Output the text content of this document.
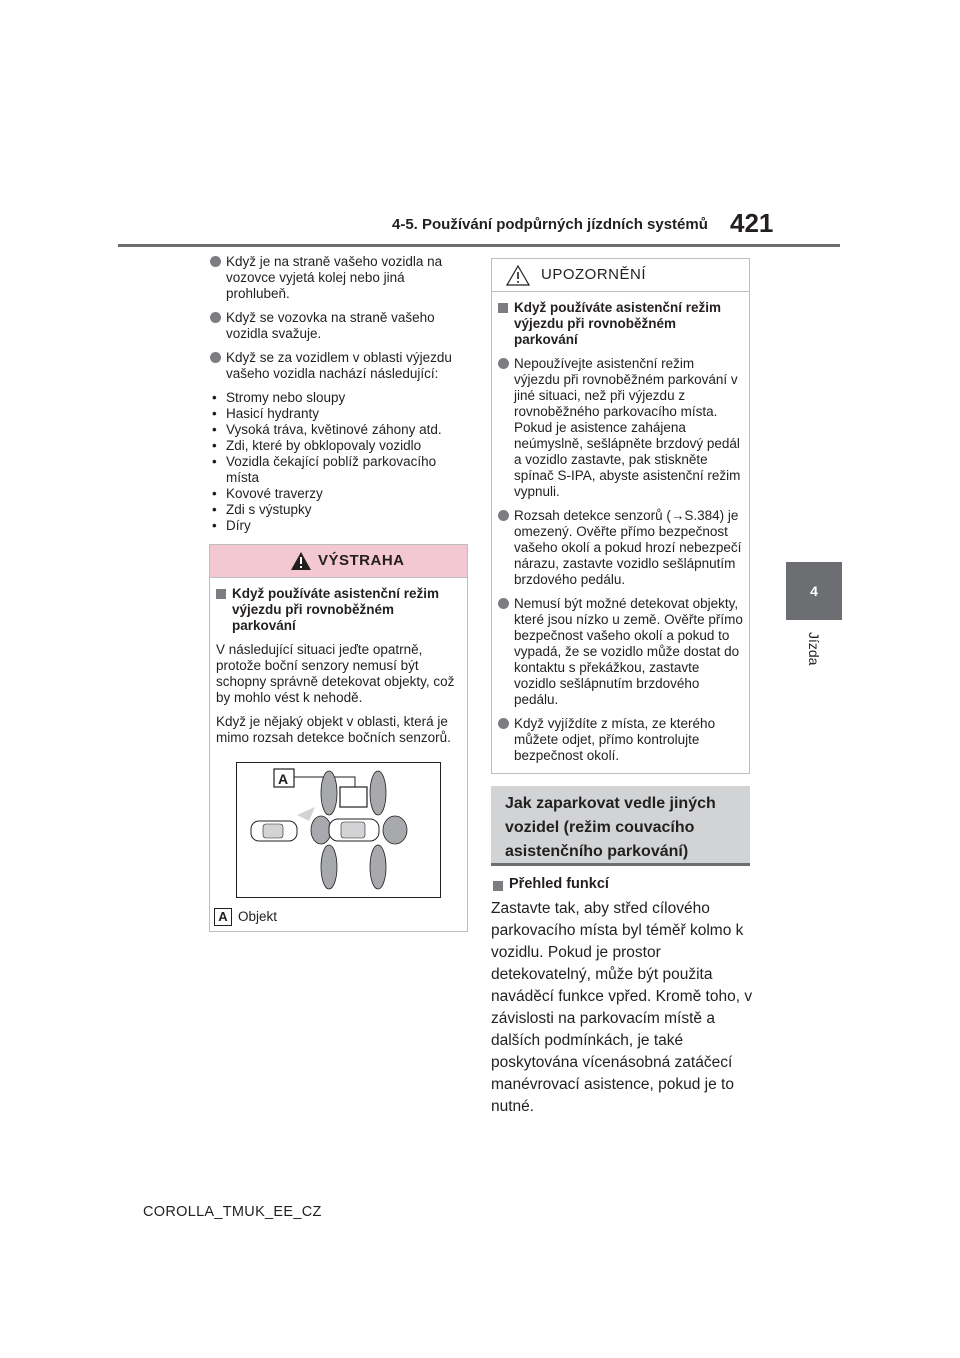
4-5. Používání podpůrných jízdních systémů 421
4
Jízda
Když je na straně vašeho vozidla na vozovce vyjetá kolej nebo jiná prohlubeň.
Když se vozovka na straně vašeho vozidla svažuje.
Když se za vozidlem v oblasti výjezdu vašeho vozidla nachází následující:
• Stromy nebo sloupy
• Hasicí hydranty
• Vysoká tráva, květinové záhony atd.
• Zdi, které by obklopovaly vozidlo
• Vozidla čekající poblíž parkovacího místa
• Kovové traverzy
• Zdi s výstupky
• Díry
VÝSTRAHA
Když používáte asistenční režim výjezdu při rovnoběžném parkování

V následující situaci jeďte opatrně, protože boční senzory nemusí být schopny správně detekovat objekty, což by mohlo vést k nehodě.

Když je nějaký objekt v oblasti, která je mimo rozsah detekce bočních senzorů.

A
A Objekt
UPOZORNĚNÍ
Když používáte asistenční režim výjezdu při rovnoběžném parkování
Nepoužívejte asistenční režim výjezdu při rovnoběžném parkování v jiné situaci, než při výjezdu z rovnoběžného parkovacího místa. Pokud je asistence zahájena neúmyslně, sešlápněte brzdový pedál a vozidlo zastavte, pak stiskněte spínač S-IPA, abyste asistenční režim vypnuli.
Rozsah detekce senzorů (→S.384) je omezený. Ověřte přímo bezpečnost vašeho okolí a pokud hrozí nebezpečí nárazu, zastavte vozidlo sešlápnutím brzdového pedálu.
Nemusí být možné detekovat objekty, které jsou nízko u země. Ověřte přímo bezpečnost vašeho okolí a pokud to vypadá, že se vozidlo může dostat do kontaktu s překážkou, zastavte vozidlo sešlápnutím brzdového pedálu.
Když vyjíždíte z místa, ze kterého můžete odjet, přímo kontrolujte bezpečnost okolí.
Jak zaparkovat vedle jiných vozidel (režim couvacího asistenčního parkování)
Přehled funkcí
Zastavte tak, aby střed cílového parkovacího místa byl téměř kolmo k vozidlu. Pokud je prostor detekovatelný, může být použita naváděcí funkce vpřed. Kromě toho, v závislosti na parkovacím místě a dalších podmínkách, je také poskytována vícenásobná zatáčecí manévrovací asistence, pokud je to nutné.
COROLLA_TMUK_EE_CZ
